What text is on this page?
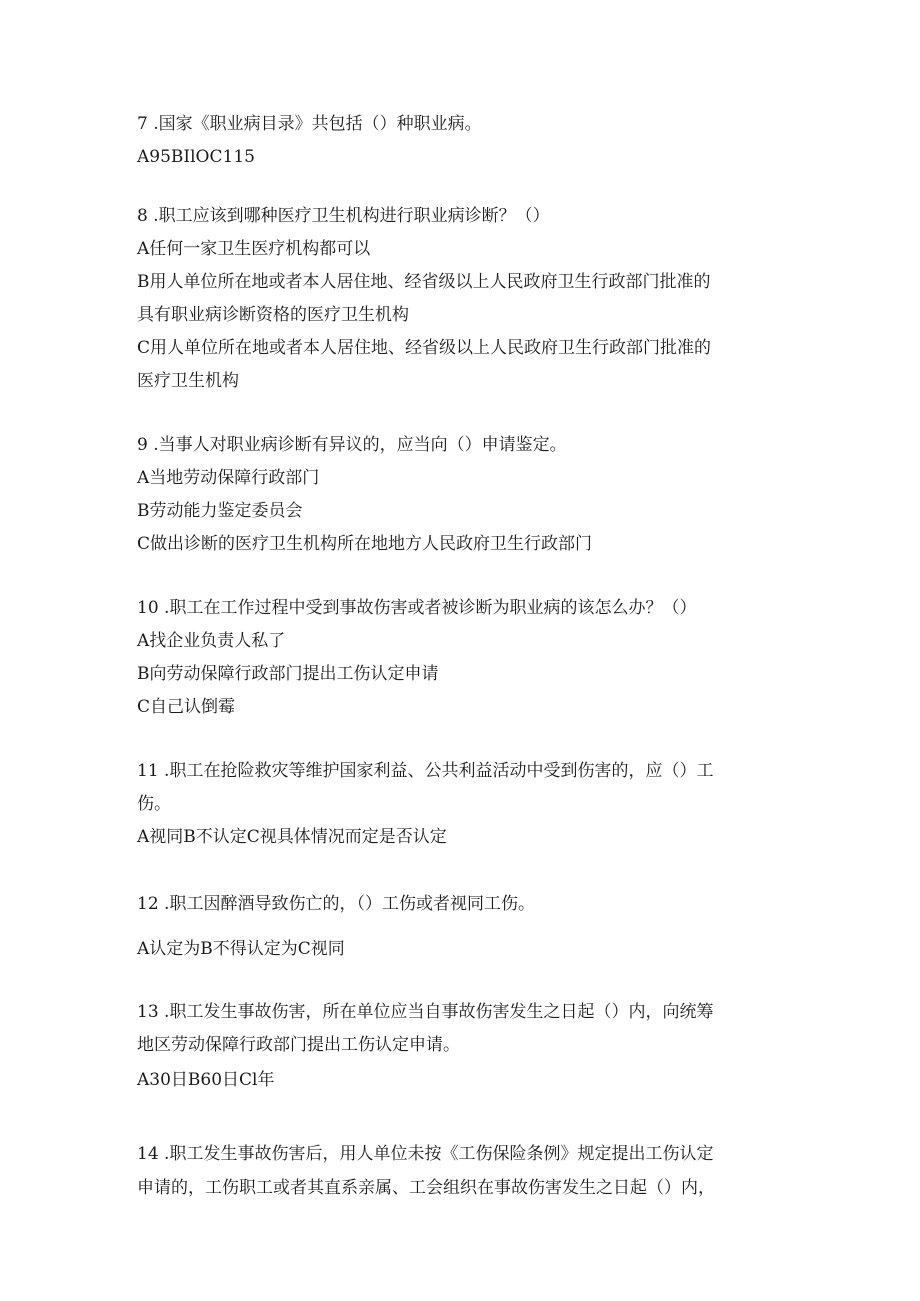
7 .国家《职业病目录》共包括（）种职业病。
A95BIlOC115
8 .职工应该到哪种医疗卫生机构进行职业病诊断？（）
A任何一家卫生医疗机构都可以
B用人单位所在地或者本人居住地、经省级以上人民政府卫生行政部门批准的
具有职业病诊断资格的医疗卫生机构
C用人单位所在地或者本人居住地、经省级以上人民政府卫生行政部门批准的
医疗卫生机构
9 .当事人对职业病诊断有异议的，应当向（）申请鉴定。
A当地劳动保障行政部门
B劳动能力鉴定委员会
C做出诊断的医疗卫生机构所在地地方人民政府卫生行政部门
10 .职工在工作过程中受到事故伤害或者被诊断为职业病的该怎么办？（）
A找企业负责人私了
B向劳动保障行政部门提出工伤认定申请
C自己认倒霉
11 .职工在抢险救灾等维护国家利益、公共利益活动中受到伤害的，应（）工
伤。
A视同B不认定C视具体情况而定是否认定
12 .职工因醉酒导致伤亡的，（）工伤或者视同工伤。
A认定为B不得认定为C视同
13 .职工发生事故伤害，所在单位应当自事故伤害发生之日起（）内，向统筹
地区劳动保障行政部门提出工伤认定申请。
A30日B60日Cl年
14 .职工发生事故伤害后，用人单位未按《工伤保险条例》规定提出工伤认定
申请的，工伤职工或者其直系亲属、工会组织在事故伤害发生之日起（）内，
